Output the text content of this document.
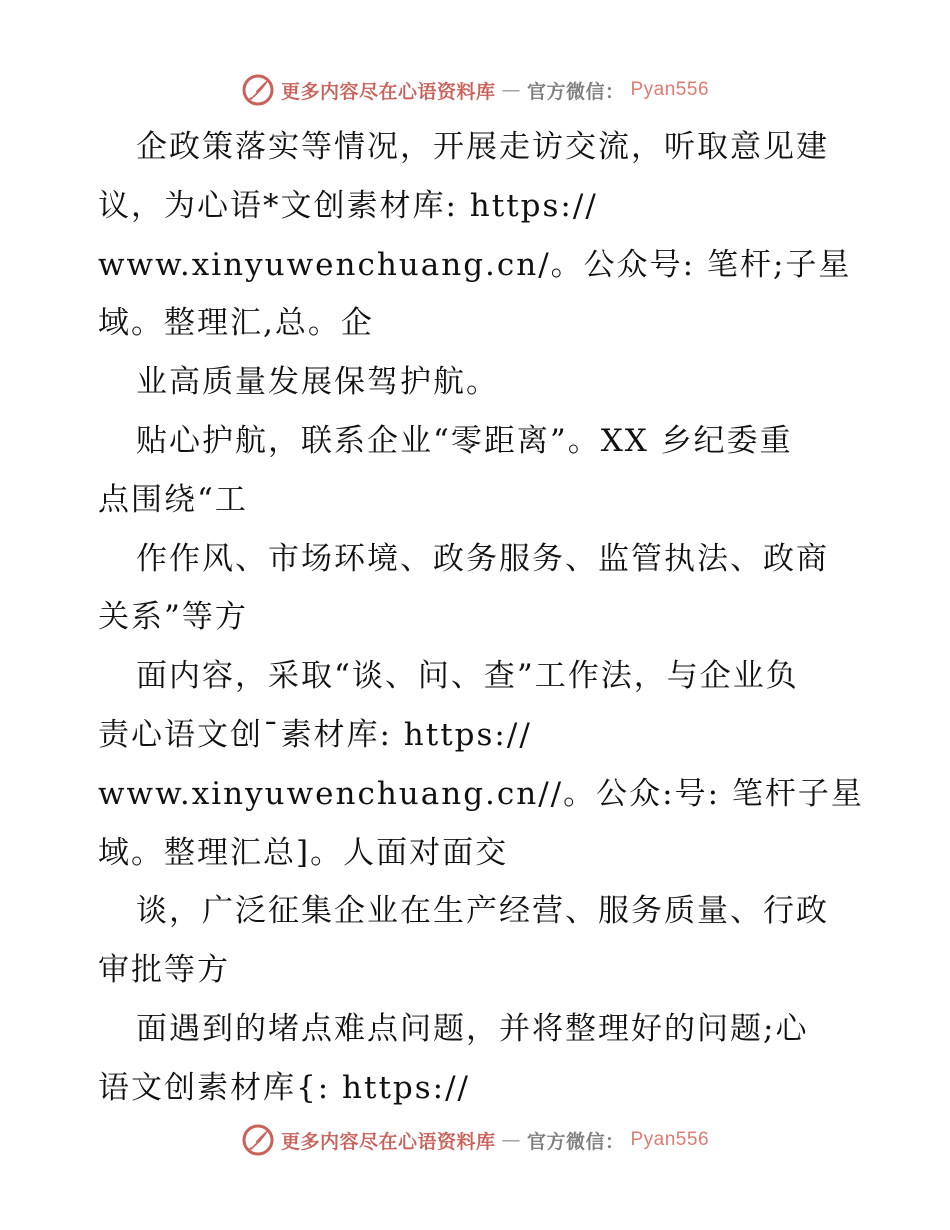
更多内容尽在心语资料库 — 官方微信： Pyan556
企政策落实等情况，开展走访交流，听取意见建
议，为心语*文创素材库: https://
www.xinyuwenchuang.cn/。公众号: 笔杆;子星
域。整理汇,总。企
业高质量发展保驾护航。
贴心护航，联系企业“零距离”。XX 乡纪委重
点围绕“工
作作风、市场环境、政务服务、监管执法、政商
关系”等方
面内容，采取“谈、问、查”工作法，与企业负
责心语文创¯素材库: https://
www.xinyuwenchuang.cn//。公众:号: 笔杆子星
域。整理汇总]。人面对面交
谈，广泛征集企业在生产经营、服务质量、行政
审批等方
面遇到的堵点难点问题，并将整理好的问题;心
语文创素材库{: https://
更多内容尽在心语资料库 — 官方微信： Pyan556
